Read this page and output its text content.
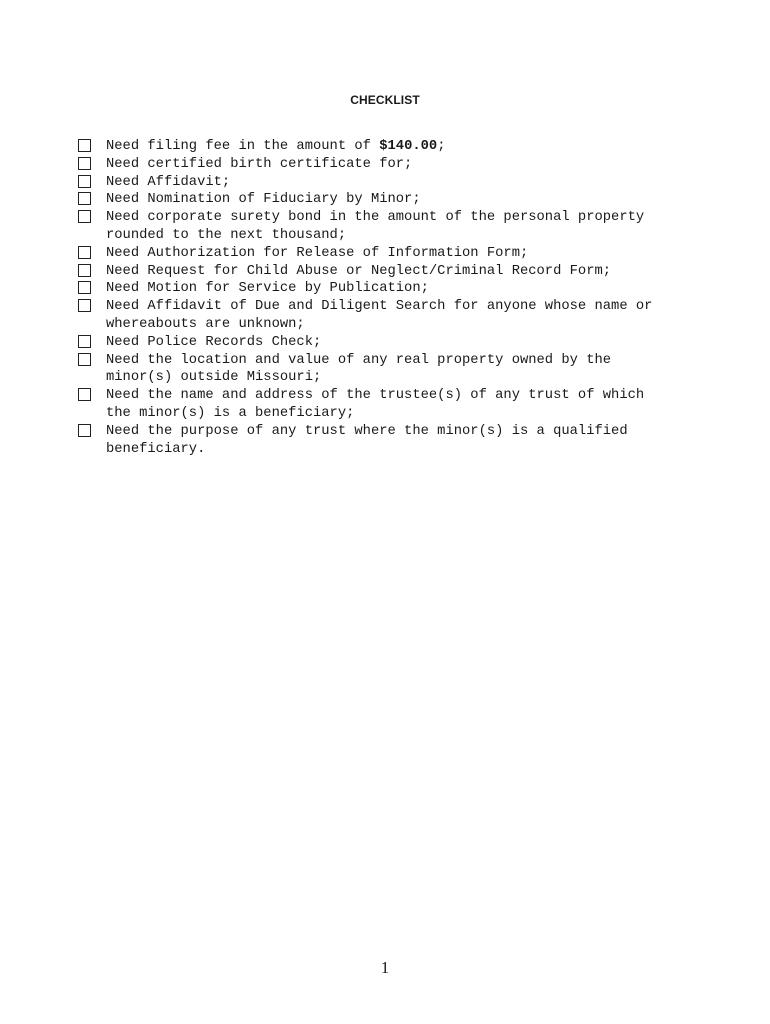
CHECKLIST
Need filing fee in the amount of $140.00;
Need certified birth certificate for;
Need Affidavit;
Need Nomination of Fiduciary by Minor;
Need corporate surety bond in the amount of the personal property
rounded to the next thousand;
Need Authorization for Release of Information Form;
Need Request for Child Abuse or Neglect/Criminal Record Form;
Need Motion for Service by Publication;
Need Affidavit of Due and Diligent Search for anyone whose name or
whereabouts are unknown;
Need Police Records Check;
Need the location and value of any real property owned by the
minor(s) outside Missouri;
Need the name and address of the trustee(s) of any trust of which
the minor(s) is a beneficiary;
Need the purpose of any trust where the minor(s) is a qualified
beneficiary.

1
